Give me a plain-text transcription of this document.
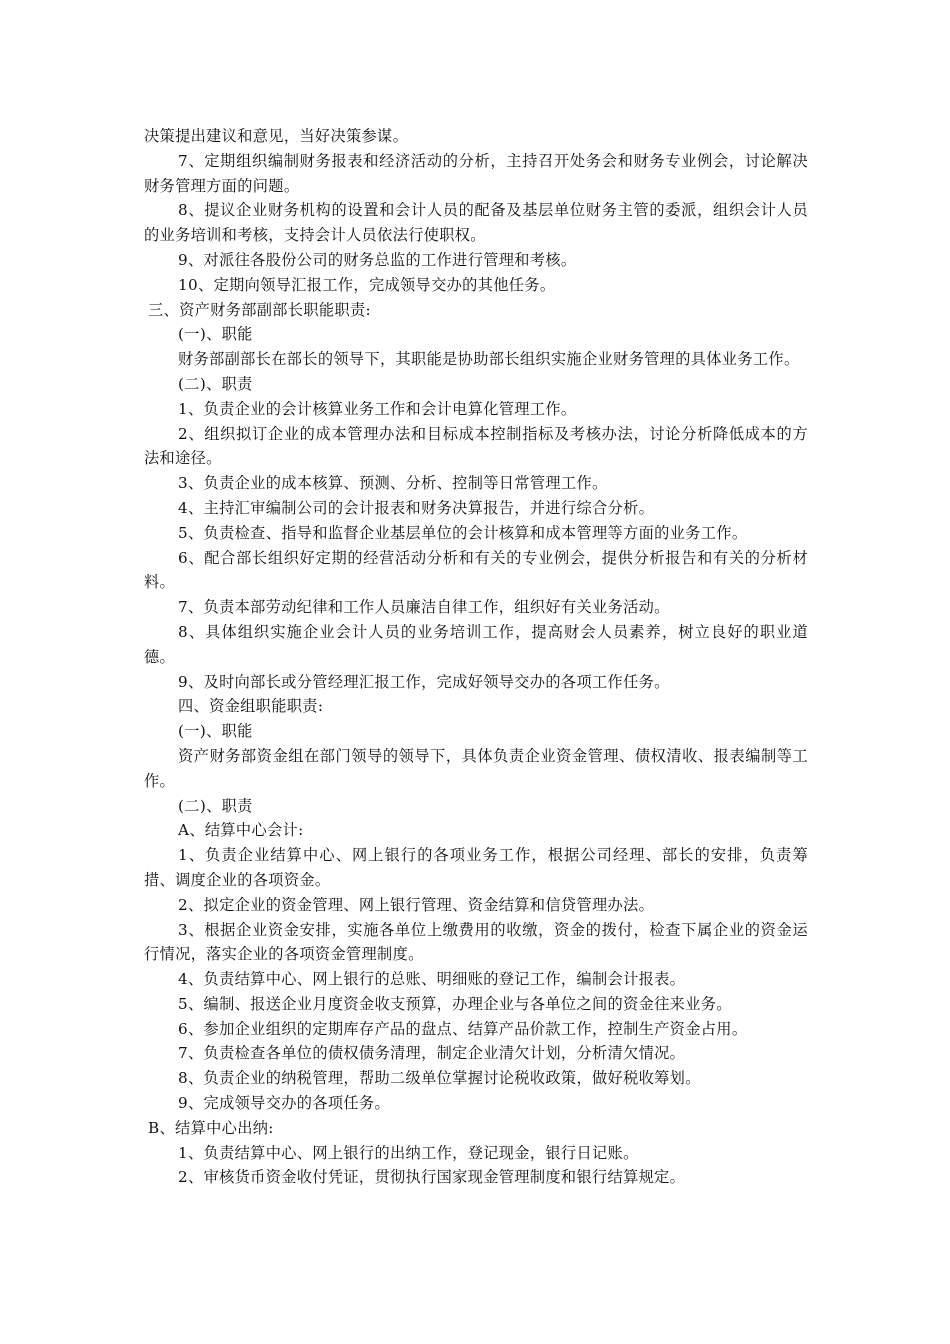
决策提出建议和意见，当好决策参谋。
7、定期组织编制财务报表和经济活动的分析，主持召开处务会和财务专业例会，讨论解决财务管理方面的问题。
8、提议企业财务机构的设置和会计人员的配备及基层单位财务主管的委派，组织会计人员的业务培训和考核，支持会计人员依法行使职权。
9、对派往各股份公司的财务总监的工作进行管理和考核。
10、定期向领导汇报工作，完成领导交办的其他任务。
三、资产财务部副部长职能职责:
(一)、职能
财务部副部长在部长的领导下，其职能是协助部长组织实施企业财务管理的具体业务工作。
(二)、职责
1、负责企业的会计核算业务工作和会计电算化管理工作。
2、组织拟订企业的成本管理办法和目标成本控制指标及考核办法，讨论分析降低成本的方法和途径。
3、负责企业的成本核算、预测、分析、控制等日常管理工作。
4、主持汇审编制公司的会计报表和财务决算报告，并进行综合分析。
5、负责检查、指导和监督企业基层单位的会计核算和成本管理等方面的业务工作。
6、配合部长组织好定期的经营活动分析和有关的专业例会，提供分析报告和有关的分析材料。
7、负责本部劳动纪律和工作人员廉洁自律工作，组织好有关业务活动。
8、具体组织实施企业会计人员的业务培训工作，提高财会人员素养，树立良好的职业道德。
9、及时向部长或分管经理汇报工作，完成好领导交办的各项工作任务。
四、资金组职能职责:
(一)、职能
资产财务部资金组在部门领导的领导下，具体负责企业资金管理、债权清收、报表编制等工作。
(二)、职责
A、结算中心会计:
1、负责企业结算中心、网上银行的各项业务工作，根据公司经理、部长的安排，负责筹措、调度企业的各项资金。
2、拟定企业的资金管理、网上银行管理、资金结算和信贷管理办法。
3、根据企业资金安排，实施各单位上缴费用的收缴，资金的拨付，检查下属企业的资金运行情况，落实企业的各项资金管理制度。
4、负责结算中心、网上银行的总账、明细账的登记工作，编制会计报表。
5、编制、报送企业月度资金收支预算，办理企业与各单位之间的资金往来业务。
6、参加企业组织的定期库存产品的盘点、结算产品价款工作，控制生产资金占用。
7、负责检查各单位的债权债务清理，制定企业清欠计划，分析清欠情况。
8、负责企业的纳税管理，帮助二级单位掌握讨论税收政策，做好税收筹划。
9、完成领导交办的各项任务。
B、结算中心出纳:
1、负责结算中心、网上银行的出纳工作，登记现金，银行日记账。
2、审核货币资金收付凭证，贯彻执行国家现金管理制度和银行结算规定。
